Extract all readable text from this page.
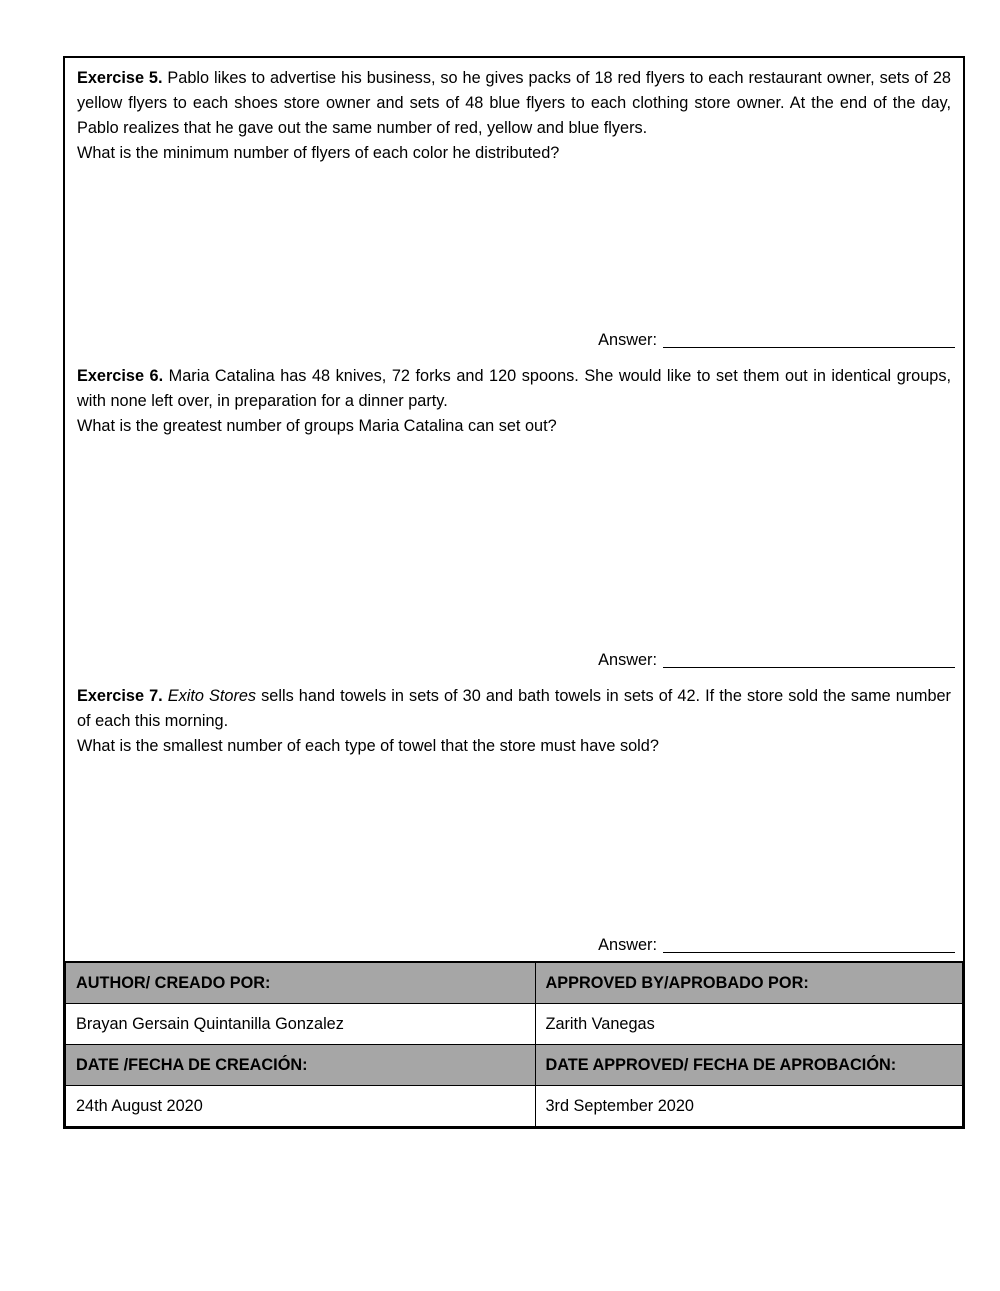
Exercise 5. Pablo likes to advertise his business, so he gives packs of 18 red flyers to each restaurant owner, sets of 28 yellow flyers to each shoes store owner and sets of 48 blue flyers to each clothing store owner. At the end of the day, Pablo realizes that he gave out the same number of red, yellow and blue flyers.

What is the minimum number of flyers of each color he distributed?

Answer:

Exercise 6. Maria Catalina has 48 knives, 72 forks and 120 spoons. She would like to set them out in identical groups, with none left over, in preparation for a dinner party.

What is the greatest number of groups Maria Catalina can set out?

Answer:

Exercise 7. Exito Stores sells hand towels in sets of 30 and bath towels in sets of 42. If the store sold the same number of each this morning.

What is the smallest number of each type of towel that the store must have sold?

Answer:
AUTHOR/ CREADO POR:	APPROVED BY/APROBADO POR:
Brayan Gersain Quintanilla Gonzalez	Zarith Vanegas
DATE /FECHA DE CREACIÓN:	DATE APPROVED/ FECHA DE APROBACIÓN:
24th August 2020	3rd September 2020
